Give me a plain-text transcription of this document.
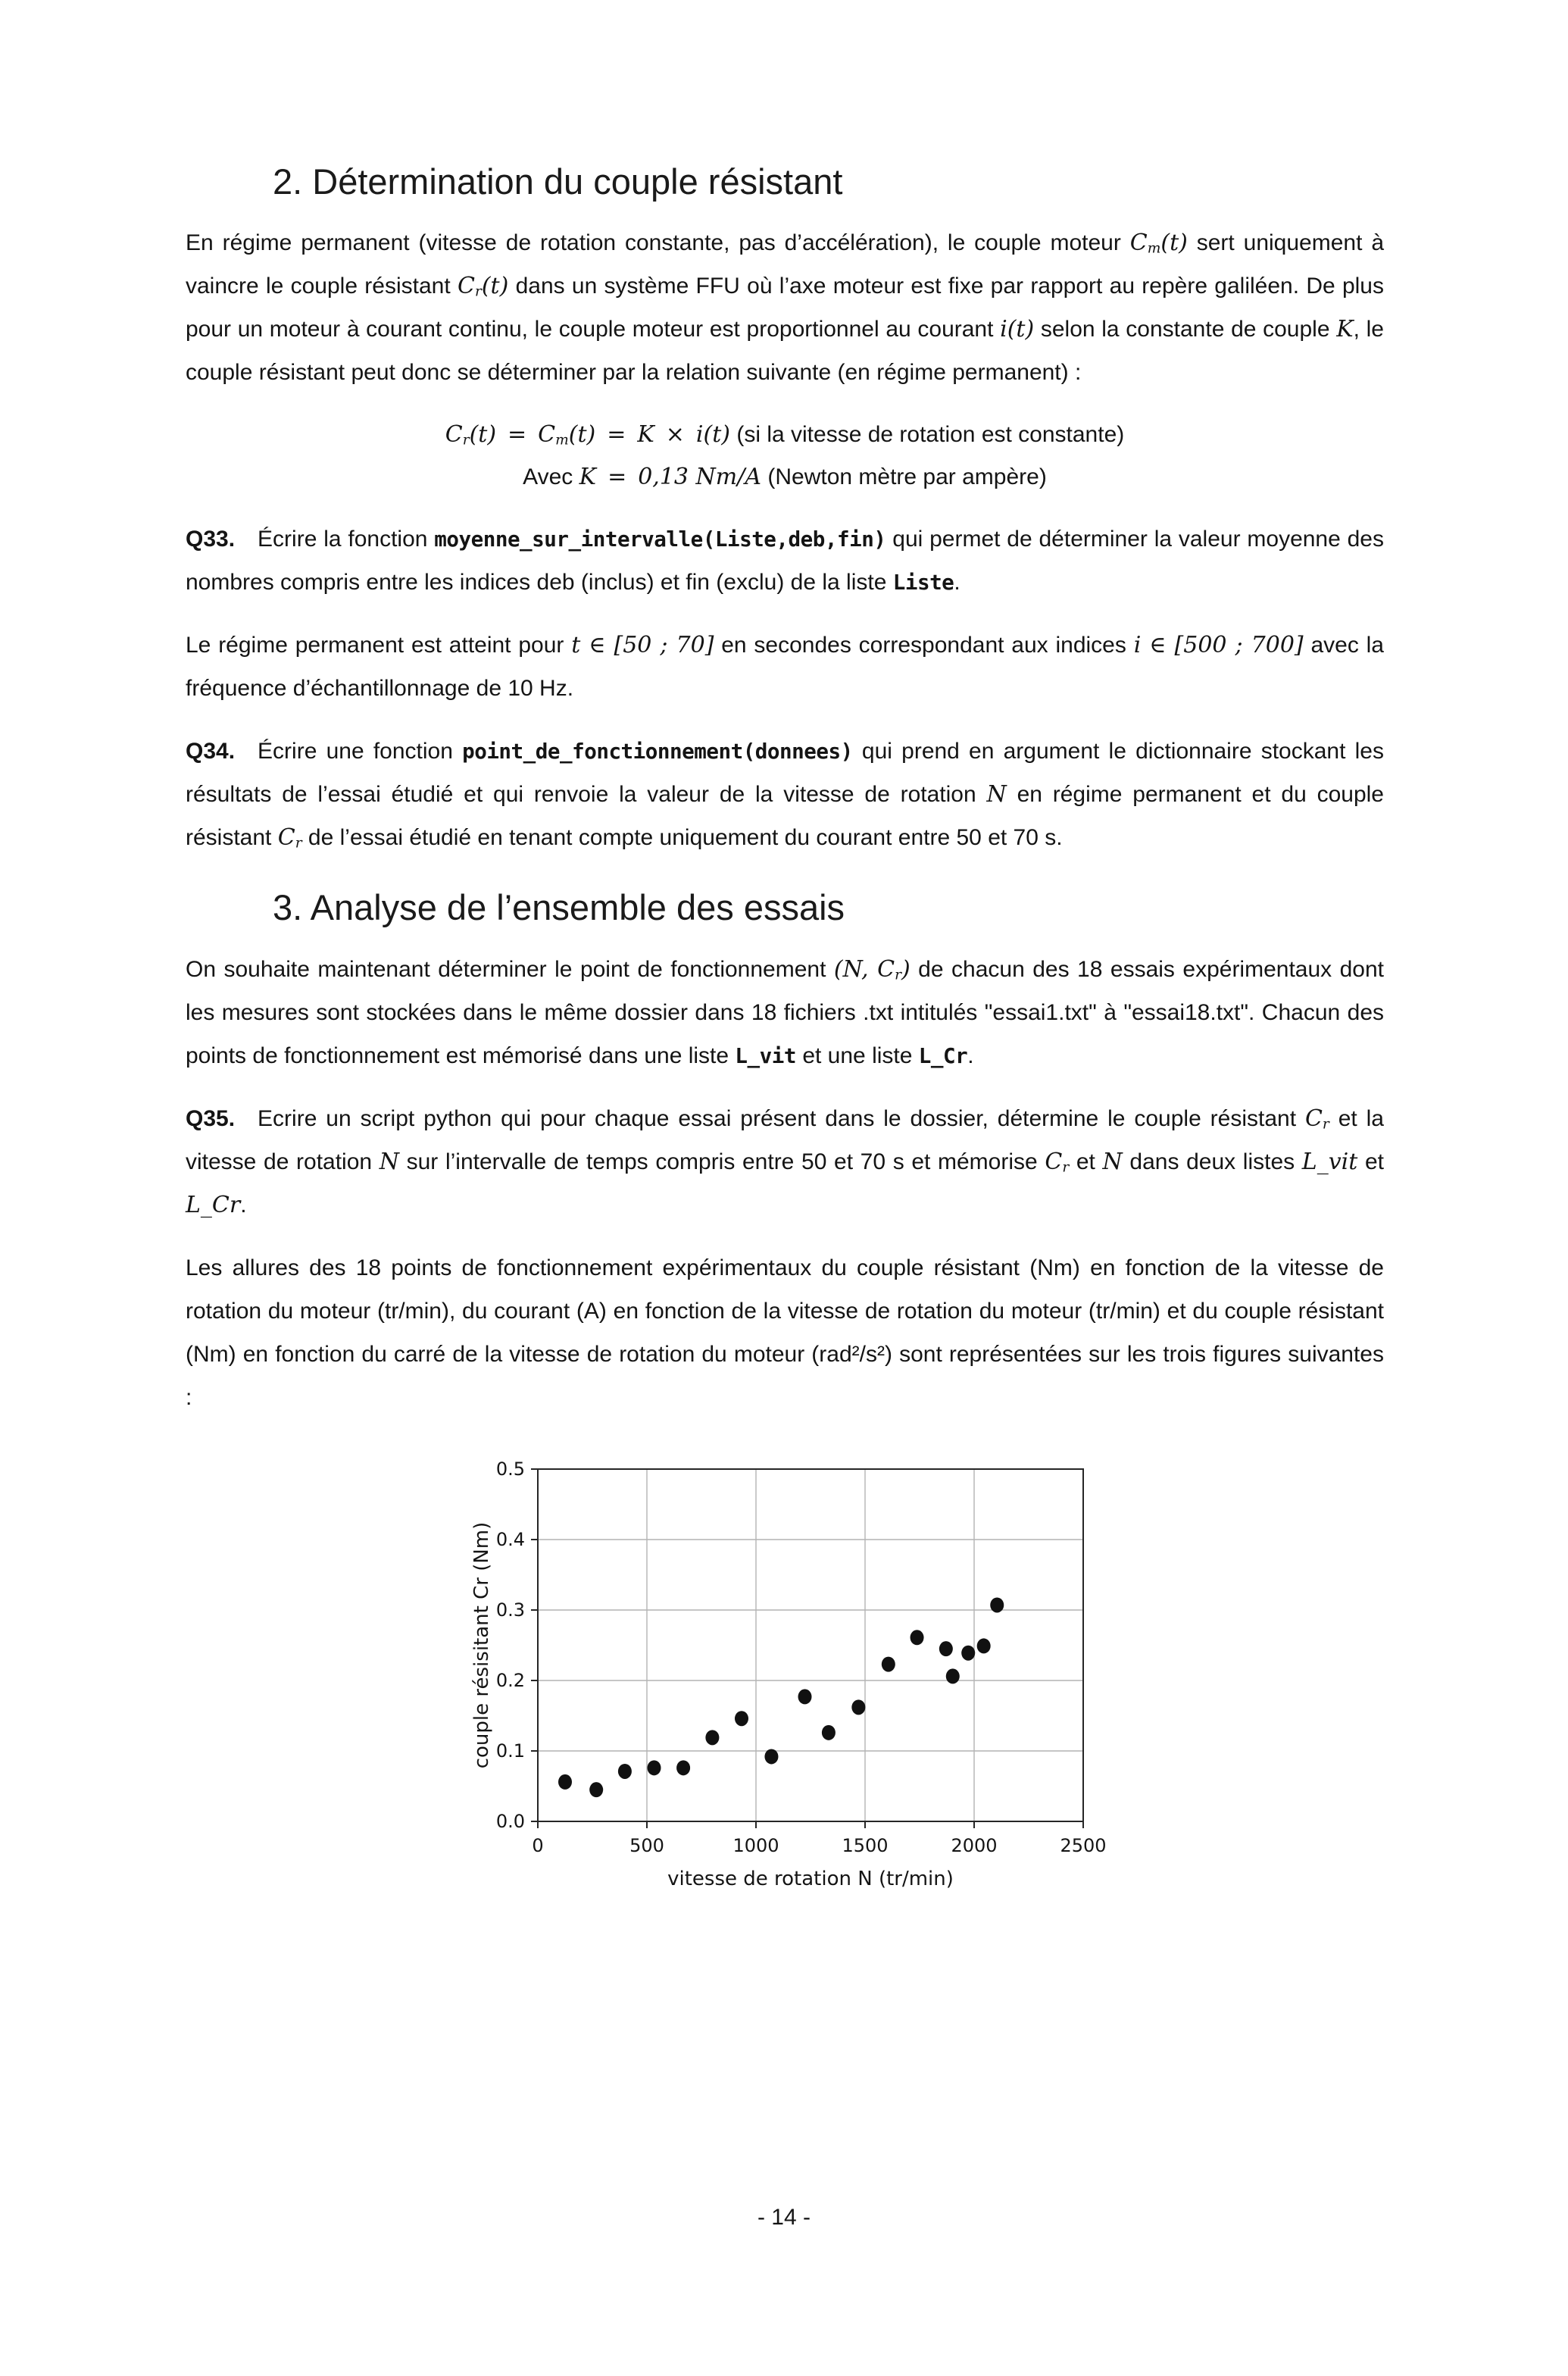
2. Détermination du couple résistant

En régime permanent (vitesse de rotation constante, pas d’accélération), le couple moteur Cm(t) sert uniquement à vaincre le couple résistant Cr(t) dans un système FFU où l’axe moteur est fixe par rapport au repère galiléen. De plus pour un moteur à courant continu, le couple moteur est proportionnel au courant i(t) selon la constante de couple K, le couple résistant peut donc se déterminer par la relation suivante (en régime permanent) :

Cr(t) = Cm(t) = K × i(t) (si la vitesse de rotation est constante)

Avec K = 0,13 Nm/A (Newton mètre par ampère)

Q33. Écrire la fonction moyenne_sur_intervalle(Liste,deb,fin) qui permet de déterminer la valeur moyenne des nombres compris entre les indices deb (inclus) et fin (exclu) de la liste Liste.

Le régime permanent est atteint pour t ∈ [50 ; 70] en secondes correspondant aux indices i ∈ [500 ; 700] avec la fréquence d’échantillonnage de 10 Hz.

Q34. Écrire une fonction point_de_fonctionnement(donnees) qui prend en argument le dictionnaire stockant les résultats de l’essai étudié et qui renvoie la valeur de la vitesse de rotation N en régime permanent et du couple résistant Cr de l’essai étudié en tenant compte uniquement du courant entre 50 et 70 s.

3. Analyse de l’ensemble des essais

On souhaite maintenant déterminer le point de fonctionnement (N, Cr) de chacun des 18 essais expérimentaux dont les mesures sont stockées dans le même dossier dans 18 fichiers .txt intitulés "essai1.txt" à "essai18.txt". Chacun des points de fonctionnement est mémorisé dans une liste L_vit et une liste L_Cr.

Q35. Ecrire un script python qui pour chaque essai présent dans le dossier, détermine le couple résistant Cr et la vitesse de rotation N sur l’intervalle de temps compris entre 50 et 70 s et mémorise Cr et N dans deux listes L_vit et L_Cr.

Les allures des 18 points de fonctionnement expérimentaux du couple résistant (Nm) en fonction de la vitesse de rotation du moteur (tr/min), du courant (A) en fonction de la vitesse de rotation du moteur (tr/min) et du couple résistant (Nm) en fonction du carré de la vitesse de rotation du moteur (rad²/s²) sont représentées sur les trois figures suivantes :

0	500	1000	1500	2000	2500
0.0
0.1
0.2
0.3
0.4
0.5
vitesse de rotation N (tr/min)
couple résisitant Cr (Nm)
- 14 -
